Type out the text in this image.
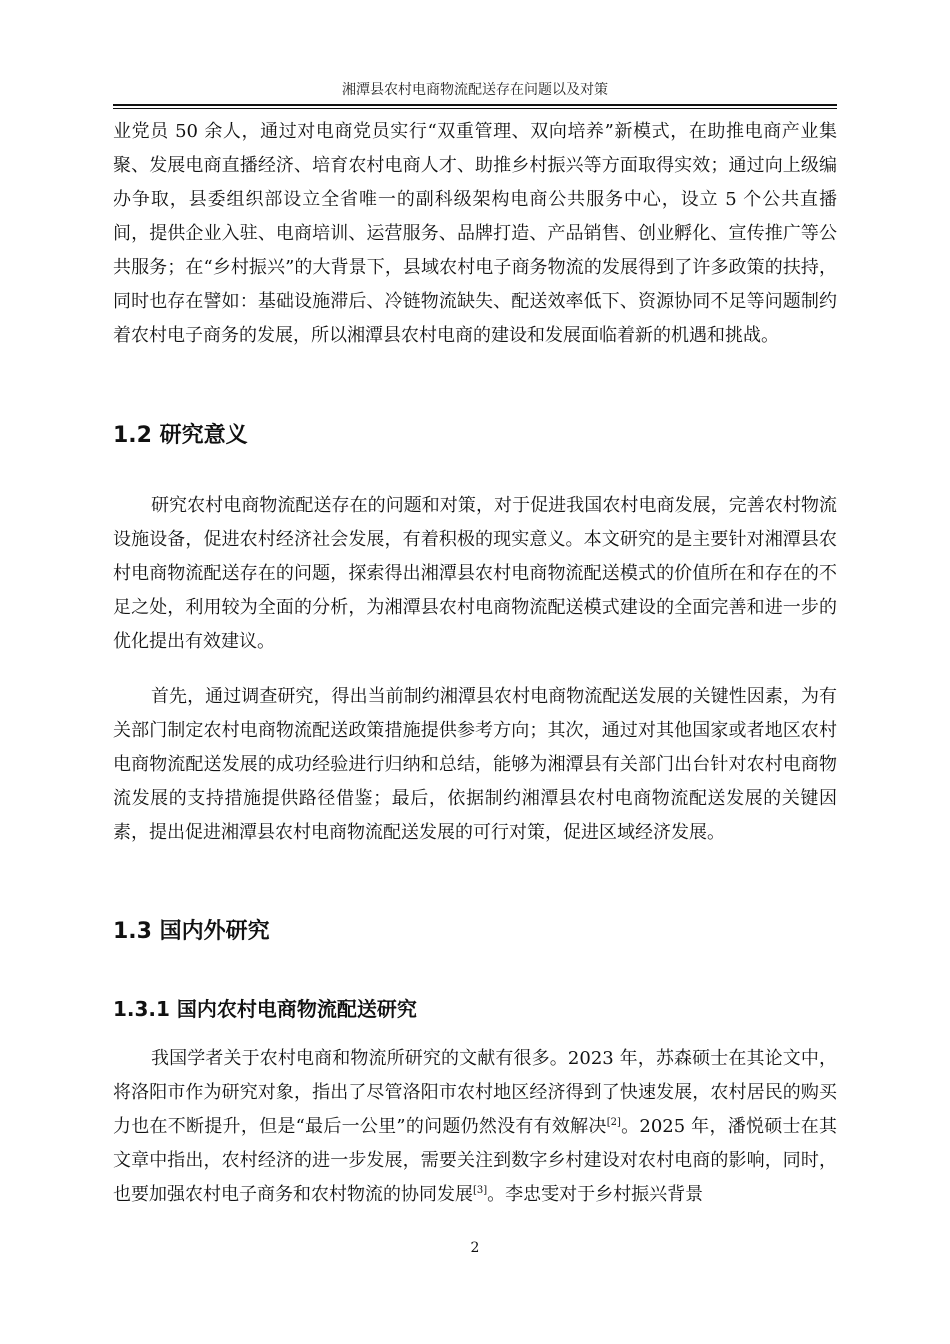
湘潭县农村电商物流配送存在问题以及对策

业党员 50 余人，通过对电商党员实行“双重管理、双向培养”新模式，在助推电商产业集聚、发展电商直播经济、培育农村电商人才、助推乡村振兴等方面取得实效；通过向上级编办争取，县委组织部设立全省唯一的副科级架构电商公共服务中心，设立 5 个公共直播间，提供企业入驻、电商培训、运营服务、品牌打造、产品销售、创业孵化、宣传推广等公共服务；在“乡村振兴”的大背景下，县域农村电子商务物流的发展得到了许多政策的扶持，同时也存在譬如：基础设施滞后、冷链物流缺失、配送效率低下、资源协同不足等问题制约着农村电子商务的发展，所以湘潭县农村电商的建设和发展面临着新的机遇和挑战。

1.2 研究意义

研究农村电商物流配送存在的问题和对策，对于促进我国农村电商发展，完善农村物流设施设备，促进农村经济社会发展，有着积极的现实意义。本文研究的是主要针对湘潭县农村电商物流配送存在的问题，探索得出湘潭县农村电商物流配送模式的价值所在和存在的不足之处，利用较为全面的分析，为湘潭县农村电商物流配送模式建设的全面完善和进一步的优化提出有效建议。

首先，通过调查研究，得出当前制约湘潭县农村电商物流配送发展的关键性因素，为有关部门制定农村电商物流配送政策措施提供参考方向；其次，通过对其他国家或者地区农村电商物流配送发展的成功经验进行归纳和总结，能够为湘潭县有关部门出台针对农村电商物流发展的支持措施提供路径借鉴；最后，依据制约湘潭县农村电商物流配送发展的关键因素，提出促进湘潭县农村电商物流配送发展的可行对策，促进区域经济发展。

1.3 国内外研究
1.3.1 国内农村电商物流配送研究

我国学者关于农村电商和物流所研究的文献有很多。2023 年，苏森硕士在其论文中，将洛阳市作为研究对象，指出了尽管洛阳市农村地区经济得到了快速发展，农村居民的购买力也在不断提升，但是“最后一公里”的问题仍然没有有效解决[2]。2025 年，潘悦硕士在其文章中指出，农村经济的进一步发展，需要关注到数字乡村建设对农村电商的影响，同时，也要加强农村电子商务和农村物流的协同发展[3]。李忠雯对于乡村振兴背景

2
